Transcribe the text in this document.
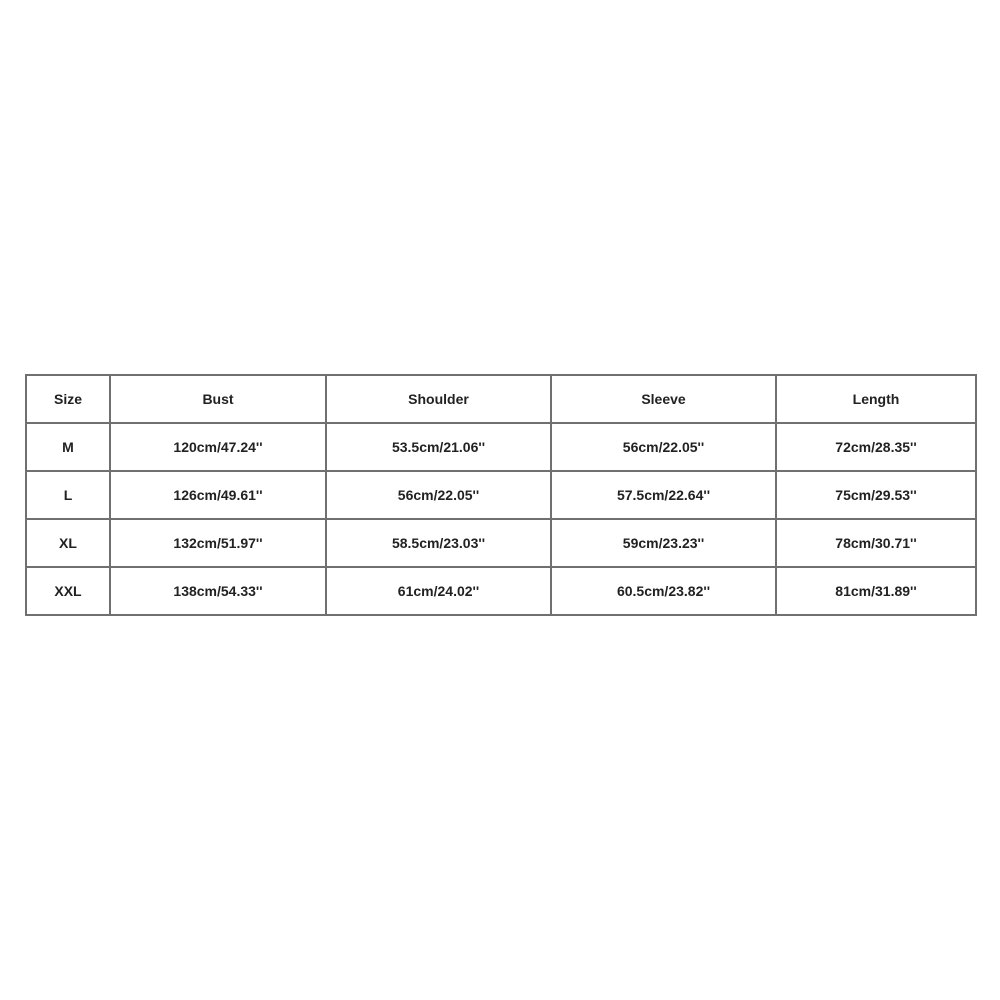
Size	Bust	Shoulder	Sleeve	Length
M	120cm/47.24''	53.5cm/21.06''	56cm/22.05''	72cm/28.35''
L	126cm/49.61''	56cm/22.05''	57.5cm/22.64''	75cm/29.53''
XL	132cm/51.97''	58.5cm/23.03''	59cm/23.23''	78cm/30.71''
XXL	138cm/54.33''	61cm/24.02''	60.5cm/23.82''	81cm/31.89''
